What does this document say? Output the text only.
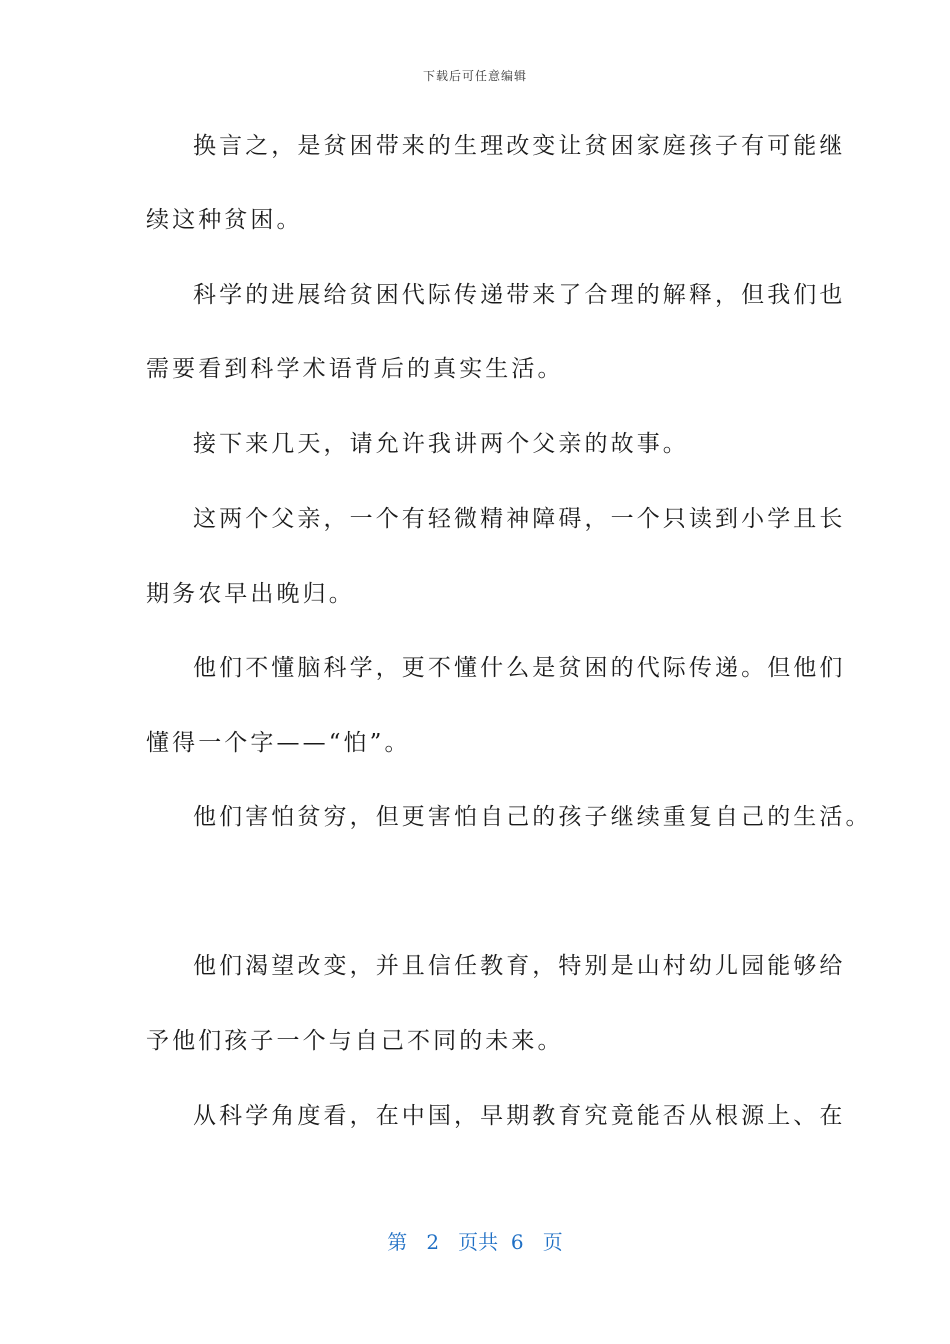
下载后可任意编辑
换言之，是贫困带来的生理改变让贫困家庭孩子有可能继
续这种贫困。
科学的进展给贫困代际传递带来了合理的解释，但我们也
需要看到科学术语背后的真实生活。
接下来几天，请允许我讲两个父亲的故事。
这两个父亲，一个有轻微精神障碍，一个只读到小学且长
期务农早出晚归。
他们不懂脑科学，更不懂什么是贫困的代际传递。但他们
懂得一个字——“怕”。
他们害怕贫穷，但更害怕自己的孩子继续重复自己的生活。
他们渴望改变，并且信任教育，特别是山村幼儿园能够给
予他们孩子一个与自己不同的未来。
从科学角度看，在中国，早期教育究竟能否从根源上、在
第 2 页共 6 页
